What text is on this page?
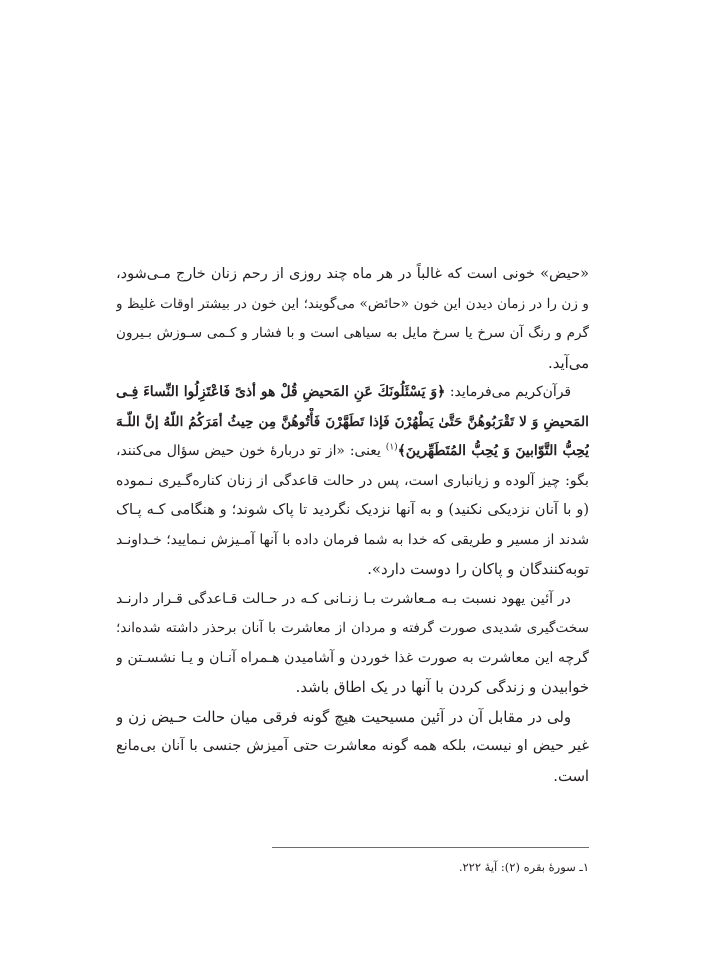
«حیض» خونی است که غالباً در هر ماه چند روزی از رحم زنان خارج مـی‌شود،
و زن را در زمان دیدن این خون «حائض» می‌گویند؛ این خون در بیشتر اوقات غلیظ و
گرم و رنگ آن سرخ یا سرخ مایل به سیاهی است و با فشار و کـمی سـوزش بـیرون
می‌آید.
قرآن‌کریم می‌فرماید: ﴿وَ یَسْئَلُونَكَ عَنِ المَحیضِ قُلْ هو أذیً فَاعْتَزِلُوا النِّساءَ فِـی
المَحیضِ وَ لا تَقْرَبُوهُنَّ حَتَّیٰ یَطْهُرْنَ فَإذا تَطَهَّرْنَ فَأْتُوهُنَّ مِن حِیثُ أمَرَکُمُ اللّهُ إنَّ اللّـهَ
یُحِبُّ التَّوّابینَ وَ یُحِبُّ المُتَطَهِّرینَ﴾$^{(۱)}$ یعنی: «از تو دربارهٔ خون حیض سؤال می‌کنند،
بگو: چیز آلوده و زیانباری است، پس در حالت قاعدگی از زنان کناره‌گـیری نـموده
(و با آنان نزدیکی نکنید) و به آنها نزدیک نگردید تا پاک شوند؛ و هنگامی کـه پـاک
شدند از مسیر و طریقی که خدا به شما فرمان داده با آنها آمـیزش نـمایید؛ خـداونـد
توبه‌کنندگان و پاکان را دوست دارد».
در آئین یهود نسبت بـه مـعاشرت بـا زنـانی کـه در حـالت قـاعدگی قـرار دارنـد
سخت‌گیری شدیدی صورت گرفته و مردان از معاشرت با آنان برحذر داشته شده‌اند؛
گرچه این معاشرت به صورت غذا خوردن و آشامیدن هـمراه آنـان و یـا نشسـتن و
خوابیدن و زندگی کردن با آنها در یک اطاق باشد.
ولی در مقابل آن در آئین مسیحیت هیچ گونه فرقی میان حالت حـیض زن و
غیر حیض او نیست، بلکه همه گونه معاشرت حتی آمیزش جنسی با آنان بی‌مانع
است.
۱ـ سورهٔ بقره (۲): آیهٔ ۲۲۲.
